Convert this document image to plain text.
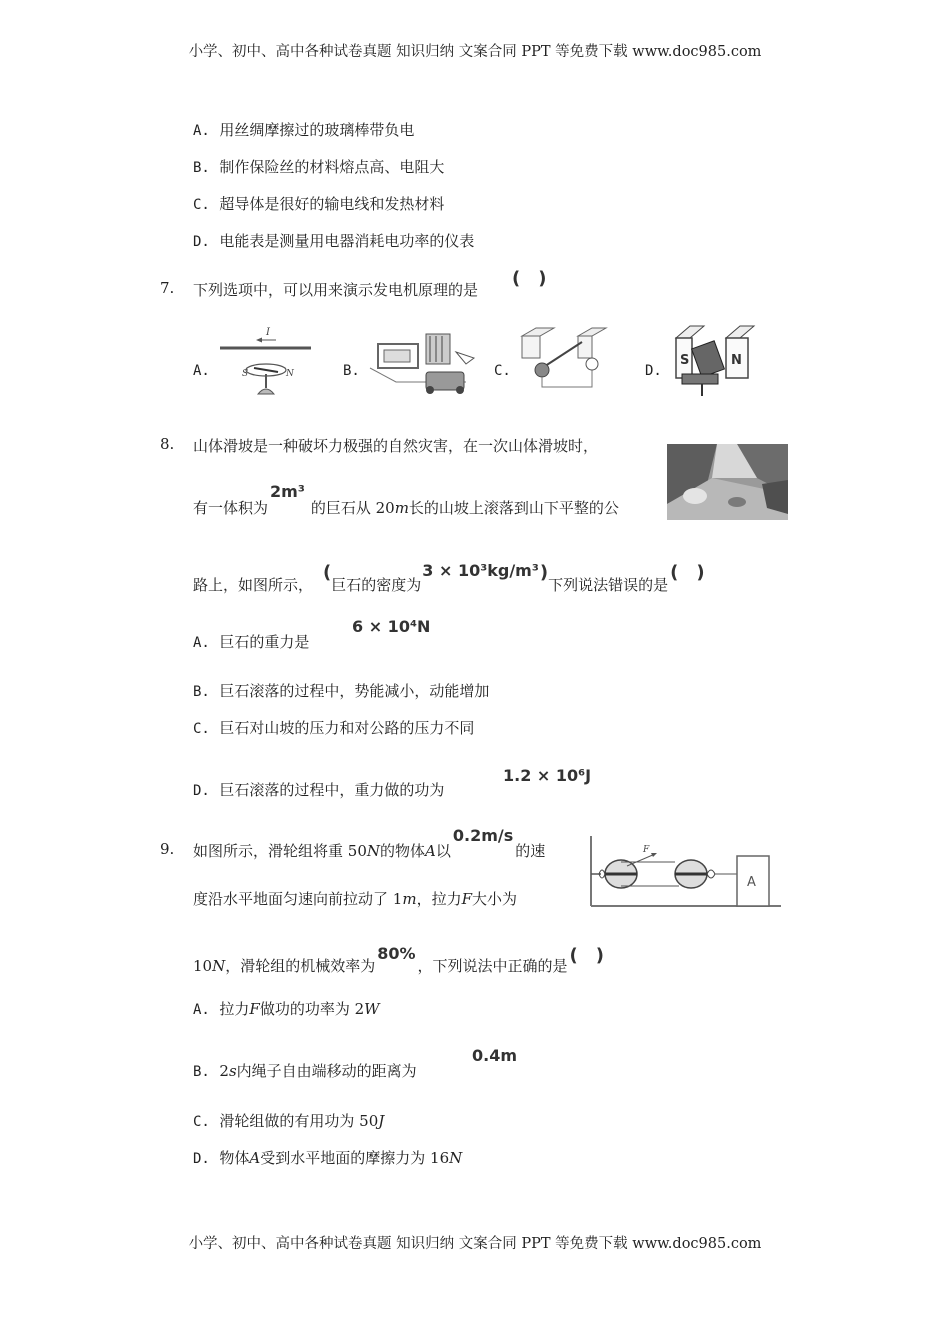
小学、初中、高中各种试卷真题 知识归纳 文案合同 PPT 等免费下载 www.doc985.com
A. 用丝绸摩擦过的玻璃棒带负电
B. 制作保险丝的材料熔点高、电阻大
C. 超导体是很好的输电线和发热材料
D. 电能表是测量用电器消耗电功率的仪表
7. 下列选项中，可以用来演示发电机原理的是
(　)
A.	B.	C.	D.
I
S	N
S	N
8. 山体滑坡是一种破坏力极强的自然灾害，在一次山体滑坡时，
有一体积为2m³的巨石从 20m长的山坡上滚落到山下平整的公
路上，如图所示，(巨石的密度为3 × 10³kg/m³)下列说法错误的是(　)
A. 巨石的重力是
6 × 10⁴N
B. 巨石滚落的过程中，势能减小，动能增加
C. 巨石对山坡的压力和对公路的压力不同
D. 巨石滚落的过程中，重力做的功为
1.2 × 10⁶J
9. 如图所示，滑轮组将重 50N的物体A以0.2m/s的速
度沿水平地面匀速向前拉动了 1m，拉力F大小为
10N，滑轮组的机械效率为80%，下列说法中正确的是 (　)
F
A
A. 拉力F做功的功率为 2W
B. 2s内绳子自由端移动的距离为
0.4m
C. 滑轮组做的有用功为 50J
D. 物体A受到水平地面的摩擦力为 16N
小学、初中、高中各种试卷真题 知识归纳 文案合同 PPT 等免费下载 www.doc985.com
